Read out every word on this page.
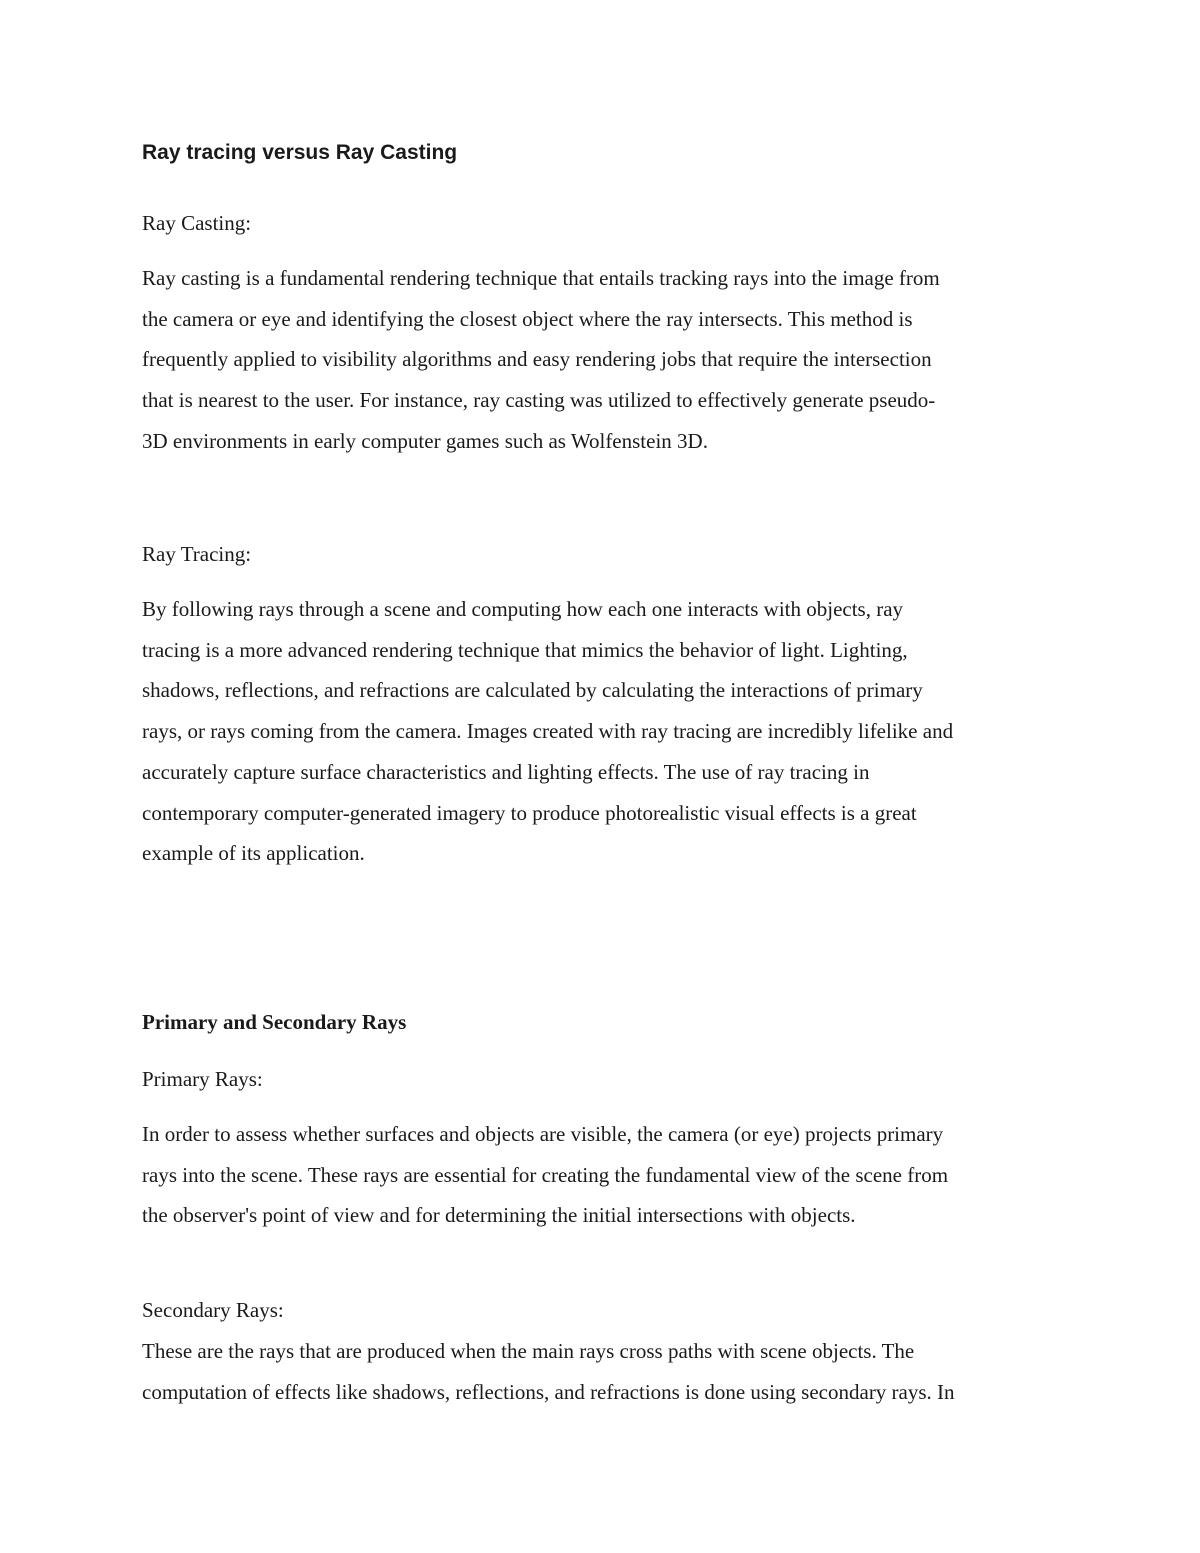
Ray tracing versus Ray Casting
Ray Casting:
Ray casting is a fundamental rendering technique that entails tracking rays into the image from
the camera or eye and identifying the closest object where the ray intersects. This method is
frequently applied to visibility algorithms and easy rendering jobs that require the intersection
that is nearest to the user. For instance, ray casting was utilized to effectively generate pseudo-
3D environments in early computer games such as Wolfenstein 3D.
Ray Tracing:
By following rays through a scene and computing how each one interacts with objects, ray
tracing is a more advanced rendering technique that mimics the behavior of light. Lighting,
shadows, reflections, and refractions are calculated by calculating the interactions of primary
rays, or rays coming from the camera. Images created with ray tracing are incredibly lifelike and
accurately capture surface characteristics and lighting effects. The use of ray tracing in
contemporary computer-generated imagery to produce photorealistic visual effects is a great
example of its application.
Primary and Secondary Rays
Primary Rays:
In order to assess whether surfaces and objects are visible, the camera (or eye) projects primary
rays into the scene. These rays are essential for creating the fundamental view of the scene from
the observer's point of view and for determining the initial intersections with objects.
Secondary Rays:
These are the rays that are produced when the main rays cross paths with scene objects. The
computation of effects like shadows, reflections, and refractions is done using secondary rays. In
